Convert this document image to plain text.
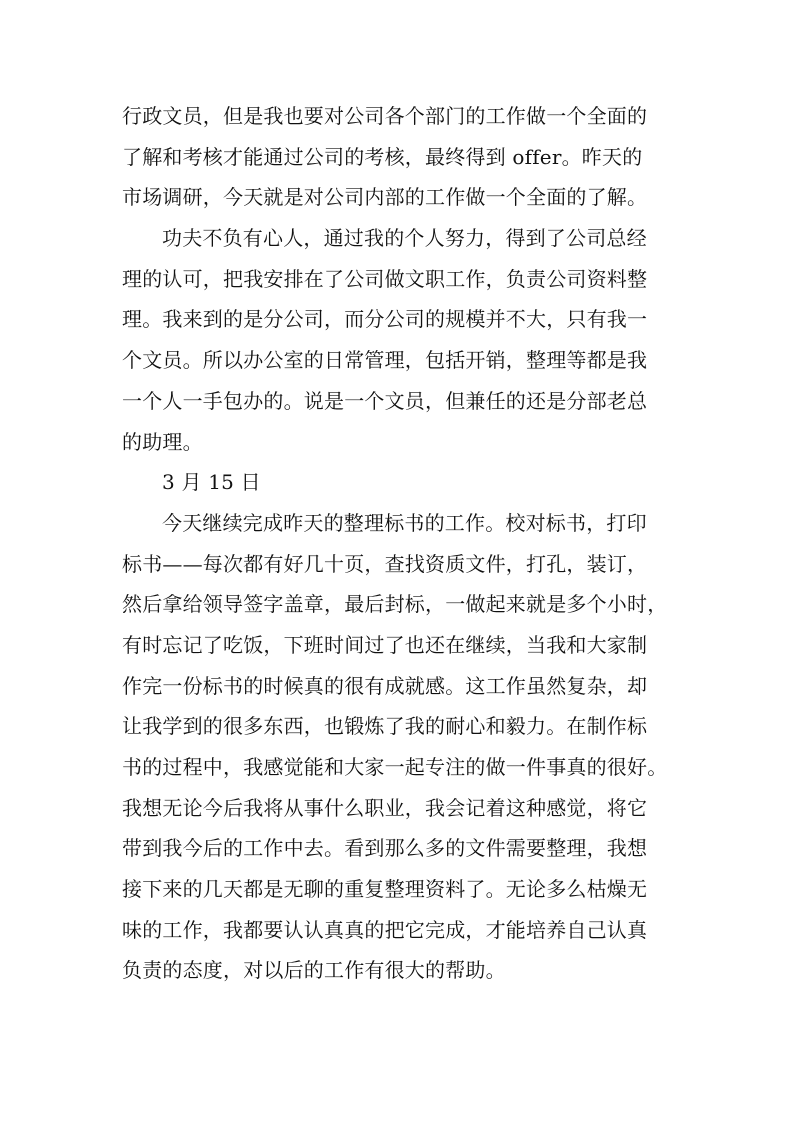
行政文员，但是我也要对公司各个部门的工作做一个全面的
了解和考核才能通过公司的考核，最终得到 offer。昨天的
市场调研，今天就是对公司内部的工作做一个全面的了解。
功夫不负有心人，通过我的个人努力，得到了公司总经
理的认可，把我安排在了公司做文职工作，负责公司资料整
理。我来到的是分公司，而分公司的规模并不大，只有我一
个文员。所以办公室的日常管理，包括开销，整理等都是我
一个人一手包办的。说是一个文员，但兼任的还是分部老总
的助理。
3 月 15 日
今天继续完成昨天的整理标书的工作。校对标书，打印
标书——每次都有好几十页，查找资质文件，打孔，装订，
然后拿给领导签字盖章，最后封标，一做起来就是多个小时，
有时忘记了吃饭，下班时间过了也还在继续，当我和大家制
作完一份标书的时候真的很有成就感。这工作虽然复杂，却
让我学到的很多东西，也锻炼了我的耐心和毅力。在制作标
书的过程中，我感觉能和大家一起专注的做一件事真的很好。
我想无论今后我将从事什么职业，我会记着这种感觉，将它
带到我今后的工作中去。看到那么多的文件需要整理，我想
接下来的几天都是无聊的重复整理资料了。无论多么枯燥无
味的工作，我都要认认真真的把它完成，才能培养自己认真
负责的态度，对以后的工作有很大的帮助。
